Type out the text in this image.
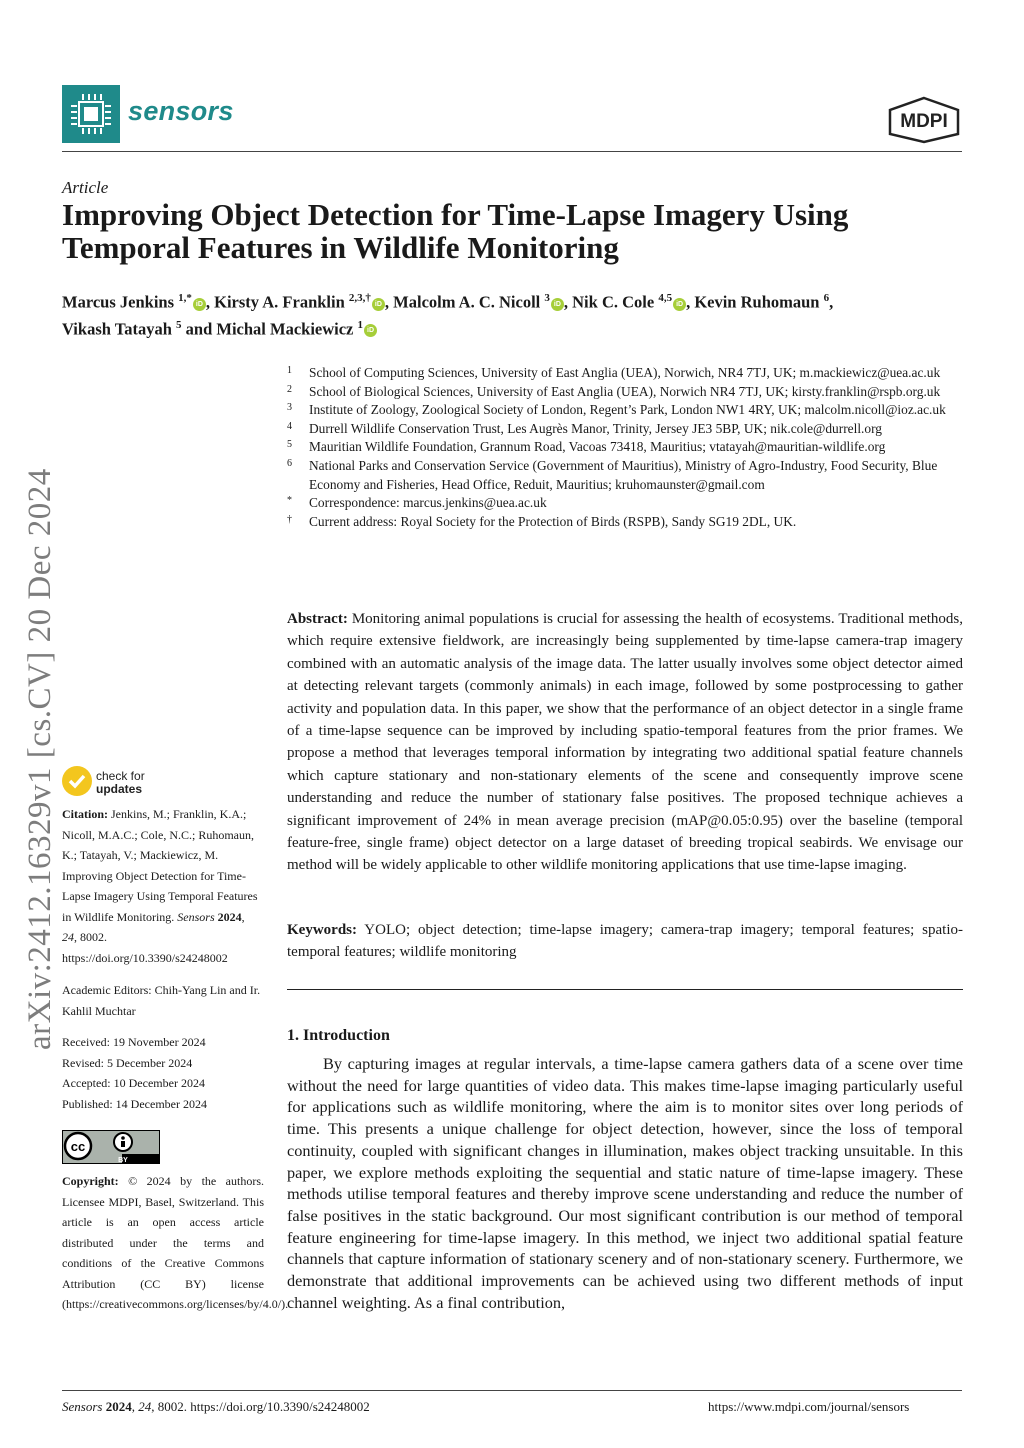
sensors	MDPI
Article
Improving Object Detection for Time-Lapse Imagery Using Temporal Features in Wildlife Monitoring
Marcus Jenkins $^{1,*}$ iD , Kirsty A. Franklin $^{2,3,\dagger}$ iD , Malcolm A. C. Nicoll $^3$ iD , Nik C. Cole $^{4,5}$ iD , Kevin Ruhomaun $^6$,
Vikash Tatayah $^5$ and Michal Mackiewicz $^1$ iD
1 School of Computing Sciences, University of East Anglia (UEA), Norwich, NR4 7TJ, UK; m.mackiewicz@uea.ac.uk
2 School of Biological Sciences, University of East Anglia (UEA), Norwich NR4 7TJ, UK; kirsty.franklin@rspb.org.uk
3 Institute of Zoology, Zoological Society of London, Regent’s Park, London NW1 4RY, UK; malcolm.nicoll@ioz.ac.uk
4 Durrell Wildlife Conservation Trust, Les Augrès Manor, Trinity, Jersey JE3 5BP, UK; nik.cole@durrell.org
5 Mauritian Wildlife Foundation, Grannum Road, Vacoas 73418, Mauritius; vtatayah@mauritian-wildlife.org
6 National Parks and Conservation Service (Government of Mauritius), Ministry of Agro-Industry, Food Security, Blue Economy and Fisheries, Head Office, Reduit, Mauritius; kruhomaunster@gmail.com
* Correspondence: marcus.jenkins@uea.ac.uk
† Current address: Royal Society for the Protection of Birds (RSPB), Sandy SG19 2DL, UK.
Abstract: Monitoring animal populations is crucial for assessing the health of ecosystems. Traditional methods, which require extensive fieldwork, are increasingly being supplemented by time-lapse camera-trap imagery combined with an automatic analysis of the image data. The latter usually involves some object detector aimed at detecting relevant targets (commonly animals) in each image, followed by some postprocessing to gather activity and population data. In this paper, we show that the performance of an object detector in a single frame of a time-lapse sequence can be improved by including spatio-temporal features from the prior frames. We propose a method that leverages temporal information by integrating two additional spatial feature channels which capture stationary and non-stationary elements of the scene and consequently improve scene understanding and reduce the number of stationary false positives. The proposed technique achieves a significant improvement of 24% in mean average precision (mAP@0.05:0.95) over the baseline (temporal feature-free, single frame) object detector on a large dataset of breeding tropical seabirds. We envisage our method will be widely applicable to other wildlife monitoring applications that use time-lapse imaging.
Keywords: YOLO; object detection; time-lapse imagery; camera-trap imagery; temporal features; spatio-temporal features; wildlife monitoring
1. Introduction
By capturing images at regular intervals, a time-lapse camera gathers data of a scene over time without the need for large quantities of video data. This makes time-lapse imaging particularly useful for applications such as wildlife monitoring, where the aim is to monitor sites over long periods of time. This presents a unique challenge for object detection, however, since the loss of temporal continuity, coupled with significant changes in illumination, makes object tracking unsuitable. In this paper, we explore methods exploiting the sequential and static nature of time-lapse imagery. These methods utilise temporal features and thereby improve scene understanding and reduce the number of false positives in the static background. Our most significant contribution is our method of temporal feature engineering for time-lapse imagery. In this method, we inject two additional spatial feature channels that capture information of stationary scenery and of non-stationary scenery. Furthermore, we demonstrate that additional improvements can be achieved using two different methods of input channel weighting. As a final contribution,
arXiv:2412.16329v1 [cs.CV] 20 Dec 2024	check for
updates
Citation: Jenkins, M.; Franklin, K.A.; Nicoll, M.A.C.; Cole, N.C.; Ruhomaun, K.; Tatayah, V.; Mackiewicz, M. Improving Object Detection for Time-Lapse Imagery Using Temporal Features in Wildlife Monitoring. Sensors 2024, 24, 8002. https://doi.org/10.3390/s24248002
Academic Editors: Chih-Yang Lin and Ir. Kahlil Muchtar
Received: 19 November 2024
Revised: 5 December 2024
Accepted: 10 December 2024
Published: 14 December 2024
cc
BY
Copyright: © 2024 by the authors. Licensee MDPI, Basel, Switzerland. This article is an open access article distributed under the terms and conditions of the Creative Commons Attribution (CC BY) license (https://creativecommons.org/licenses/by/4.0/).
Sensors 2024, 24, 8002. https://doi.org/10.3390/s24248002	https://www.mdpi.com/journal/sensors
